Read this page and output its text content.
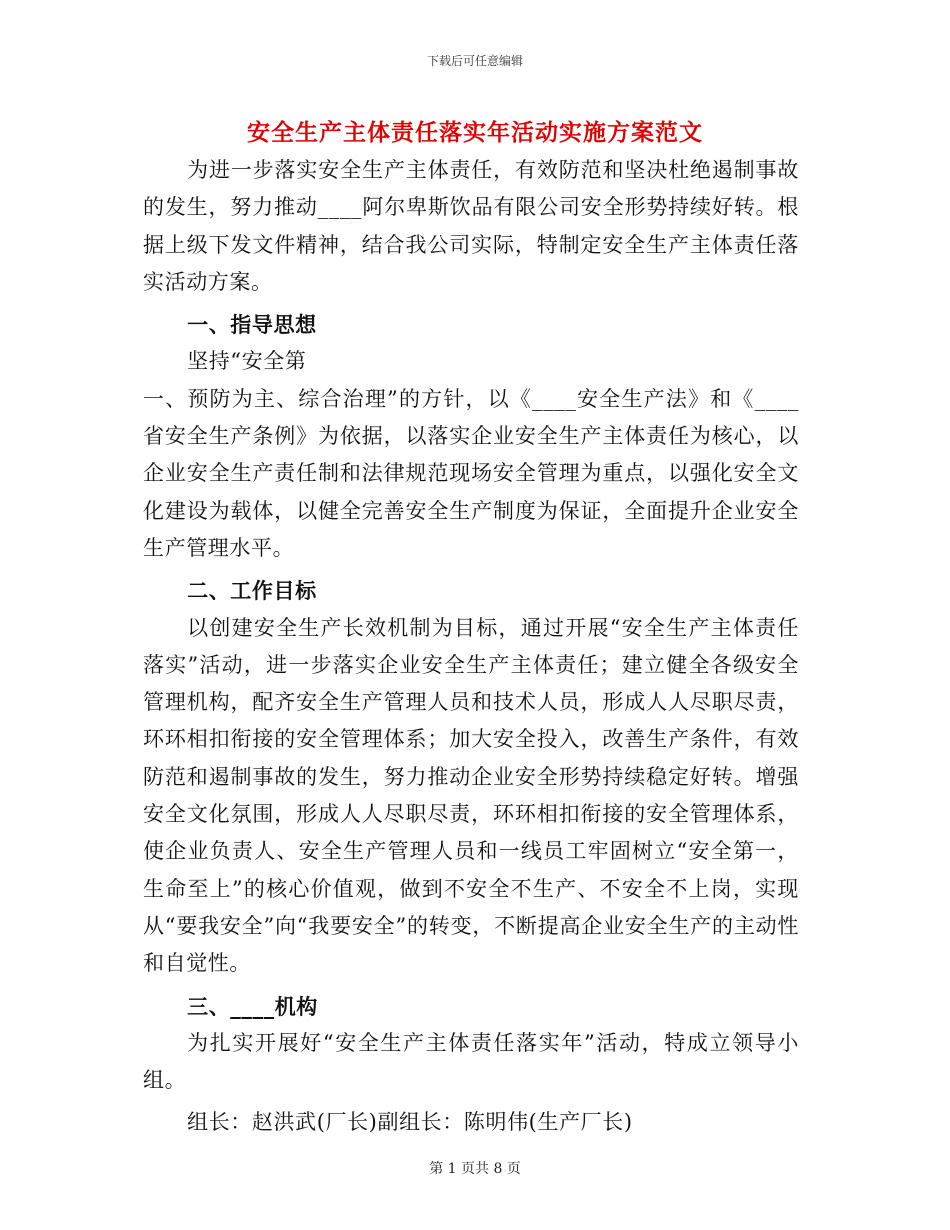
下载后可任意编辑
安全生产主体责任落实年活动实施方案范文

为进一步落实安全生产主体责任，有效防范和坚决杜绝遏制事故的发生，努力推动____阿尔卑斯饮品有限公司安全形势持续好转。根据上级下发文件精神，结合我公司实际，特制定安全生产主体责任落实活动方案。

一、指导思想

坚持“安全第

一、预防为主、综合治理”的方针，以《____安全生产法》和《____省安全生产条例》为依据，以落实企业安全生产主体责任为核心，以企业安全生产责任制和法律规范现场安全管理为重点，以强化安全文化建设为载体，以健全完善安全生产制度为保证，全面提升企业安全生产管理水平。

二、工作目标

以创建安全生产长效机制为目标，通过开展“安全生产主体责任落实”活动，进一步落实企业安全生产主体责任；建立健全各级安全管理机构，配齐安全生产管理人员和技术人员，形成人人尽职尽责，环环相扣衔接的安全管理体系；加大安全投入，改善生产条件，有效防范和遏制事故的发生，努力推动企业安全形势持续稳定好转。增强安全文化氛围，形成人人尽职尽责，环环相扣衔接的安全管理体系，使企业负责人、安全生产管理人员和一线员工牢固树立“安全第一，生命至上”的核心价值观，做到不安全不生产、不安全不上岗，实现从“要我安全”向“我要安全”的转变，不断提高企业安全生产的主动性和自觉性。

三、____机构

为扎实开展好“安全生产主体责任落实年”活动，特成立领导小组。

组长：赵洪武(厂长)副组长：陈明伟(生产厂长)

第 1 页共 8 页
